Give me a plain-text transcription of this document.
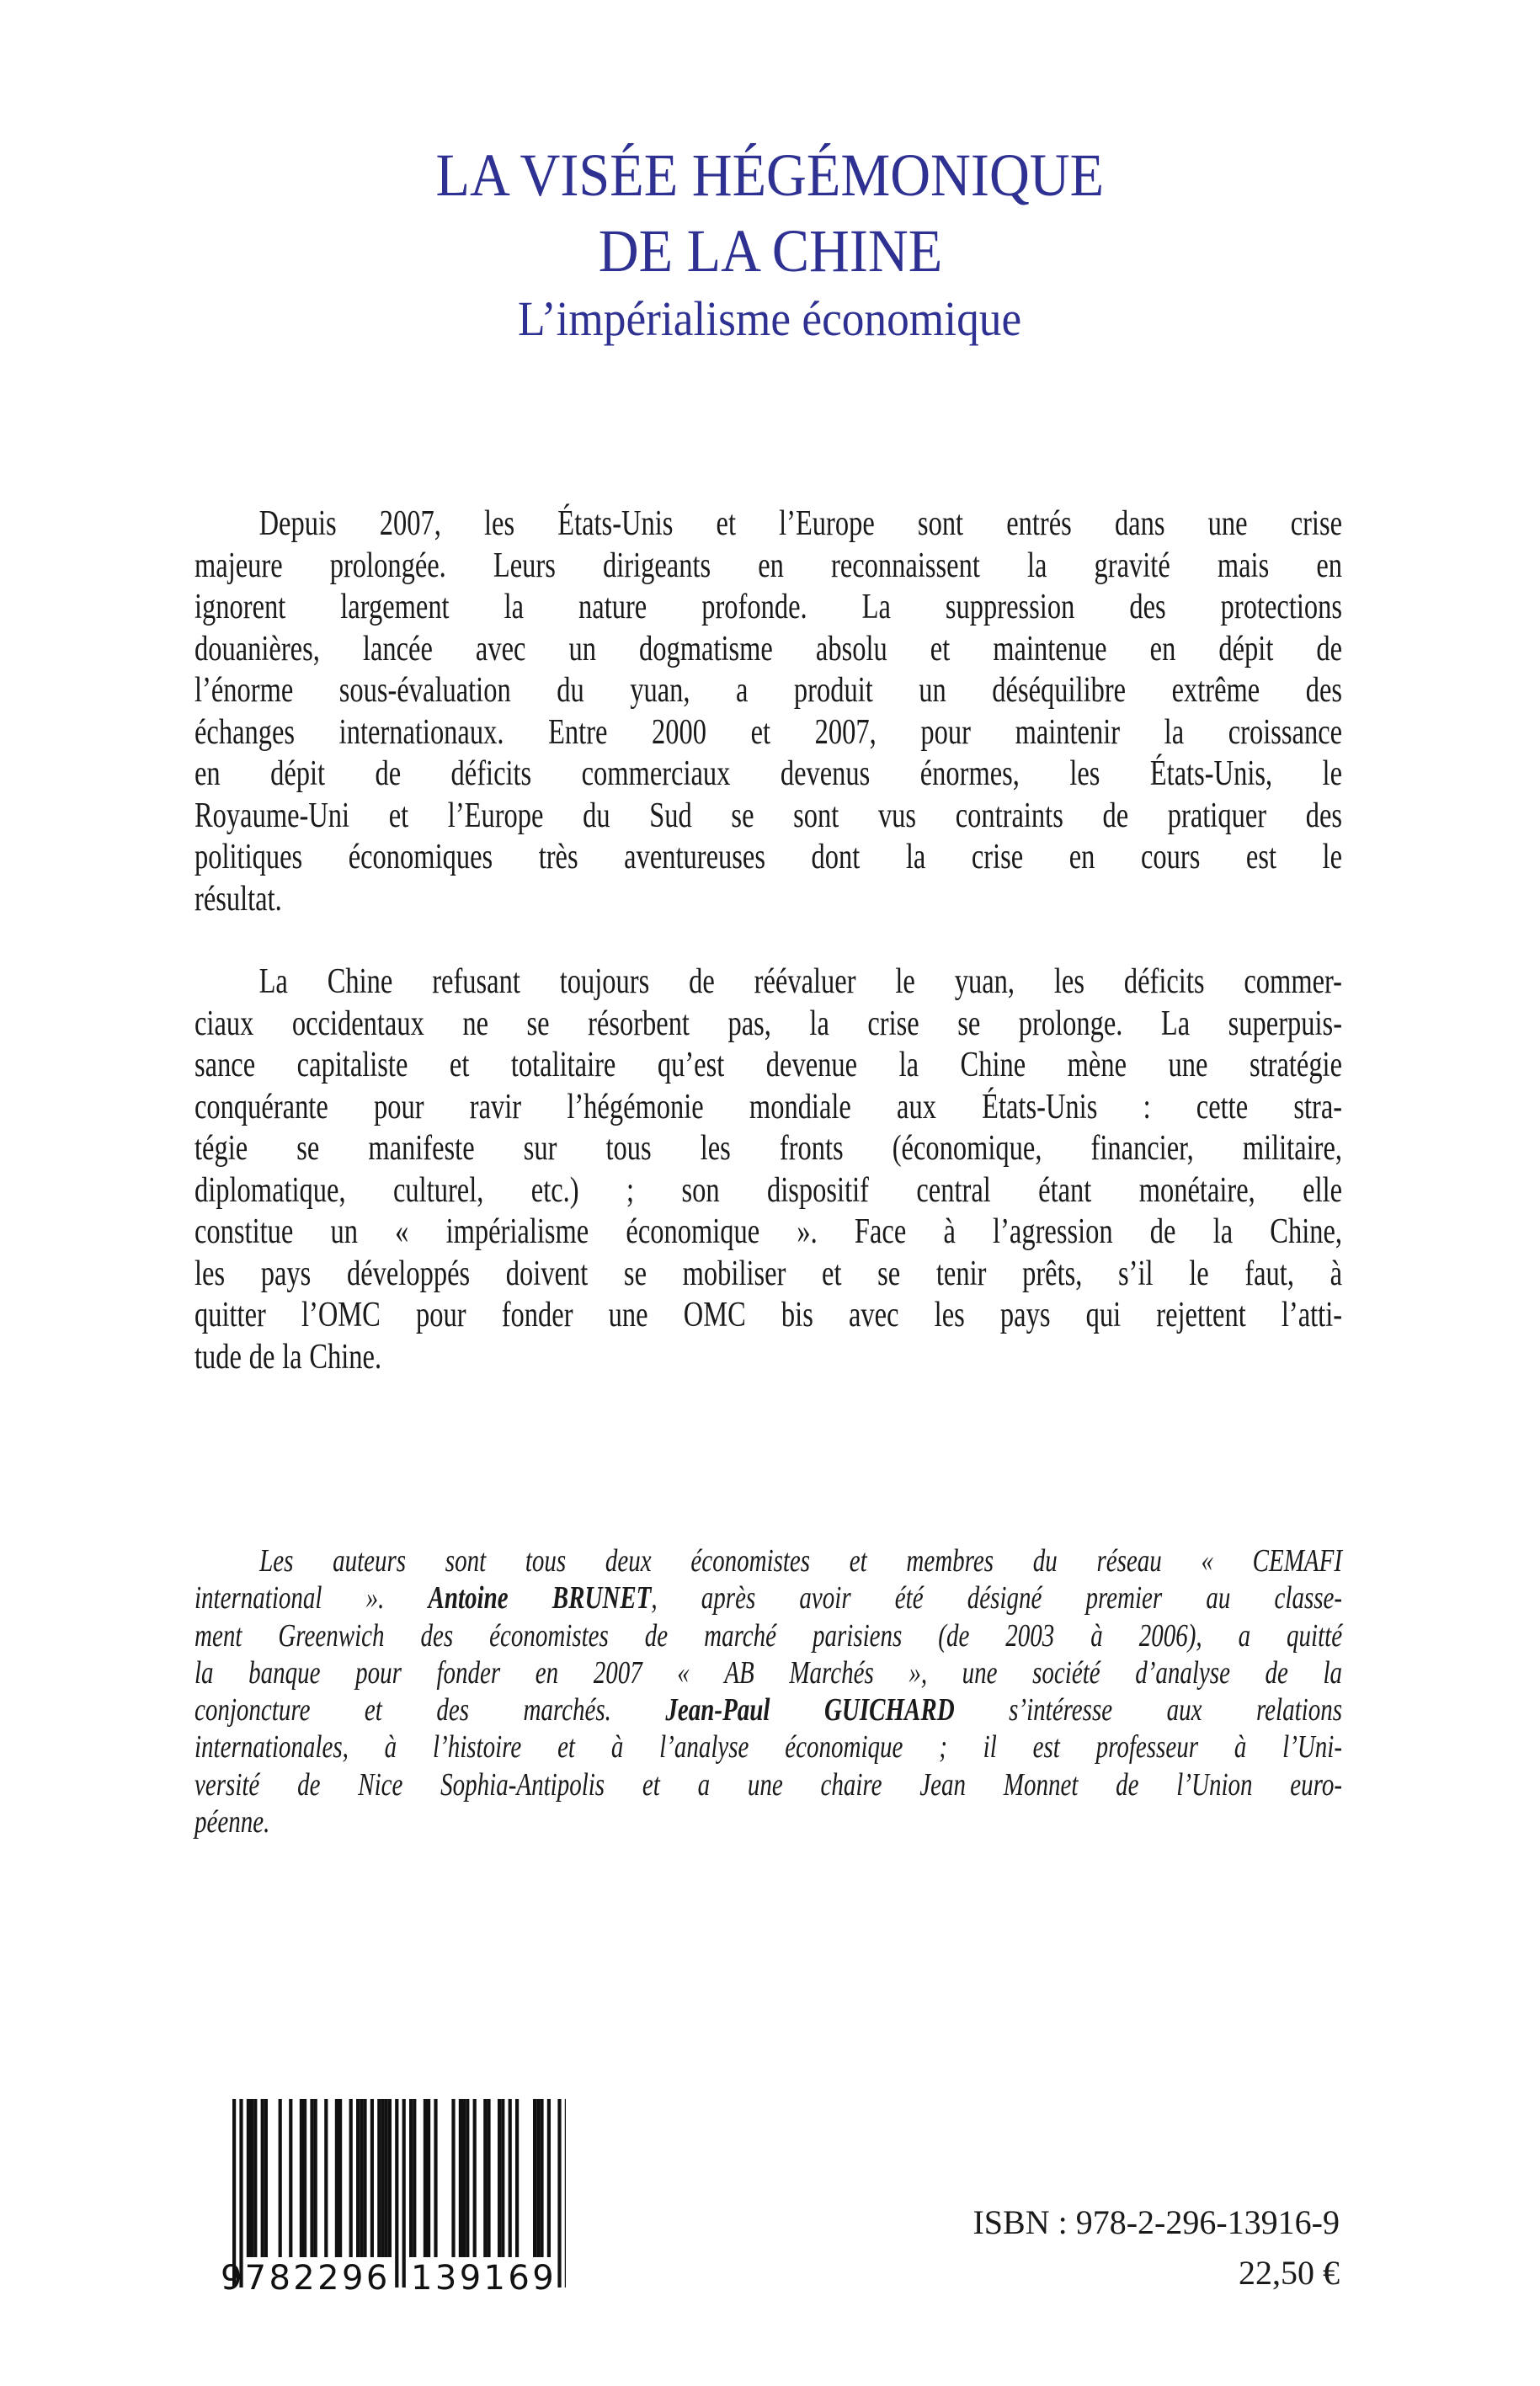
LA VISÉE HÉGÉMONIQUE
DE LA CHINE
L’impérialisme économique
Depuis 2007, les États-Unis et l’Europe sont entrés dans une crise
majeure prolongée. Leurs dirigeants en reconnaissent la gravité mais en
ignorent largement la nature profonde. La suppression des protections
douanières, lancée avec un dogmatisme absolu et maintenue en dépit de
l’énorme sous-évaluation du yuan, a produit un déséquilibre extrême des
échanges internationaux. Entre 2000 et 2007, pour maintenir la croissance
en dépit de déficits commerciaux devenus énormes, les États-Unis, le
Royaume-Uni et l’Europe du Sud se sont vus contraints de pratiquer des
politiques économiques très aventureuses dont la crise en cours est le
résultat.
La Chine refusant toujours de réévaluer le yuan, les déficits commer-
ciaux occidentaux ne se résorbent pas, la crise se prolonge. La superpuis-
sance capitaliste et totalitaire qu’est devenue la Chine mène une stratégie
conquérante pour ravir l’hégémonie mondiale aux États-Unis : cette stra-
tégie se manifeste sur tous les fronts (économique, financier, militaire,
diplomatique, culturel, etc.) ; son dispositif central étant monétaire, elle
constitue un « impérialisme économique ». Face à l’agression de la Chine,
les pays développés doivent se mobiliser et se tenir prêts, s’il le faut, à
quitter l’OMC pour fonder une OMC bis avec les pays qui rejettent l’atti-
tude de la Chine.
Les auteurs sont tous deux économistes et membres du réseau « CEMAFI
international ». Antoine BRUNET, après avoir été désigné premier au classe-
ment Greenwich des économistes de marché parisiens (de 2003 à 2006), a quitté
la banque pour fonder en 2007 « AB Marchés », une société d’analyse de la
conjoncture et des marchés. Jean-Paul GUICHARD s’intéresse aux relations
internationales, à l’histoire et à l’analyse économique ; il est professeur à l’Uni-
versité de Nice Sophia-Antipolis et a une chaire Jean Monnet de l’Union euro-
péenne.
9 782296 139169
ISBN : 978-2-296-13916-9
22,50 €
